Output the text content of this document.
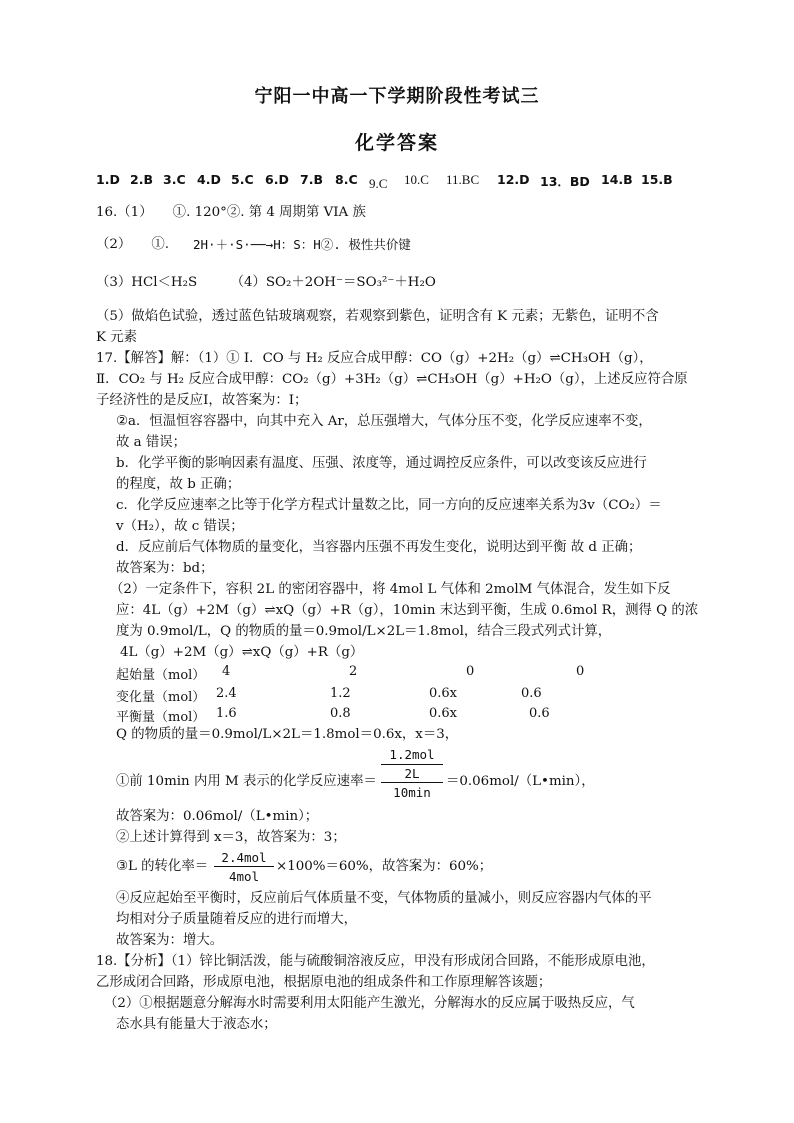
宁阳一中高一下学期阶段性考试三
化学答案
1.D 2.B 3.C 4.D 5.C 6.D 7.B 8.C 9.C 10.C 11.BC 12.D 13．BD 14.B 15.B
16.（1）　　①. 120°②. 第 4 周期第 VIA 族
（2）　　①.	2H·＋·S·──→H：S：H②. 极性共价键
（3）HCl＜H₂S　　　（4）SO₂＋2OH⁻＝SO₃²⁻＋H₂O
（5）做焰色试验，透过蓝色钴玻璃观察，若观察到紫色，证明含有 K 元素；无紫色，证明不含
K 元素
17.【解答】解：（1）① Ⅰ．CO 与 H₂ 反应合成甲醇：CO（g）+2H₂（g）⇌CH₃OH（g），
Ⅱ．CO₂ 与 H₂ 反应合成甲醇：CO₂（g）+3H₂（g）⇌CH₃OH（g）+H₂O（g），上述反应符合原
子经济性的是反应Ⅰ，故答案为：Ⅰ；
②a．恒温恒容容器中，向其中充入 Ar，总压强增大，气体分压不变，化学反应速率不变，
故 a 错误；
b．化学平衡的影响因素有温度、压强、浓度等，通过调控反应条件，可以改变该反应进行
的程度，故 b 正确；
c．化学反应速率之比等于化学方程式计量数之比，同一方向的反应速率关系为3v（CO₂）＝
v（H₂），故 c 错误；
d．反应前后气体物质的量变化，当容器内压强不再发生变化，说明达到平衡 故 d 正确；
故答案为：bd；
（2）一定条件下，容积 2L 的密闭容器中，将 4mol L 气体和 2molM 气体混合，发生如下反
应：4L（g）+2M（g）⇌xQ（g）+R（g），10min 末达到平衡，生成 0.6mol R，测得 Q 的浓
度为 0.9mol/L，Q 的物质的量＝0.9mol/L×2L＝1.8mol，结合三段式列式计算，
4L（g）+2M（g）⇌xQ（g）+R（g）
起始量（mol） 4	2	0	0
变化量（mol） 2.4	1.2	0.6x	0.6
平衡量（mol） 1.6	0.8	0.6x	0.6
Q 的物质的量＝0.9mol/L×2L＝1.8mol＝0.6x，x＝3，
①前 10min 内用 M 表示的化学反应速率＝
1.2mol
2L
10min
＝0.06mol/（L•min），
故答案为：0.06mol/（L•min）；
②上述计算得到 x＝3，故答案为：3；
③L 的转化率＝
2.4mol
4mol
×100%＝60%，故答案为：60%；
④反应起始至平衡时，反应前后气体质量不变，气体物质的量减小，则反应容器内气体的平
均相对分子质量随着反应的进行而增大，
故答案为：增大。
18.【分析】（1）锌比铜活泼，能与硫酸铜溶液反应，甲没有形成闭合回路，不能形成原电池，
乙形成闭合回路，形成原电池，根据原电池的组成条件和工作原理解答该题；
（2）①根据题意分解海水时需要利用太阳能产生激光，分解海水的反应属于吸热反应，气
态水具有能量大于液态水；
